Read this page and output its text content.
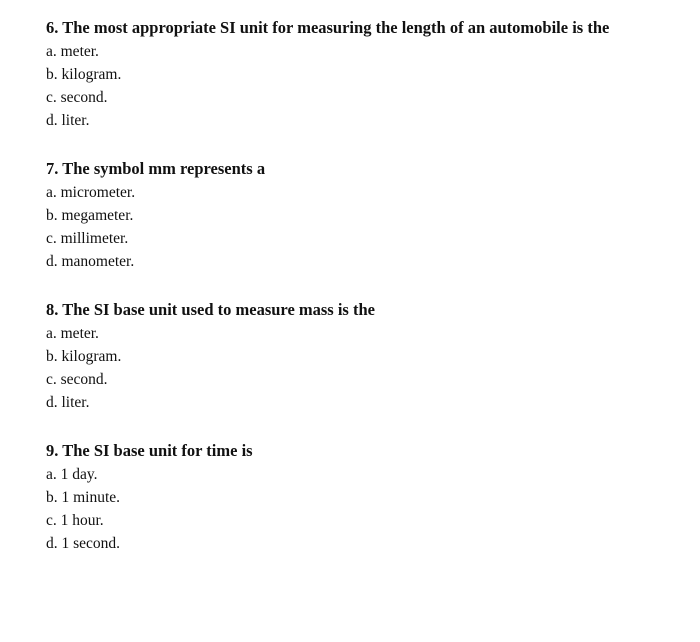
6. The most appropriate SI unit for measuring the length of an automobile is the

a. meter.
b. kilogram.
c. second.
d. liter.

7. The symbol mm represents a

a. micrometer.
b. megameter.
c. millimeter.
d. manometer.

8. The SI base unit used to measure mass is the

a. meter.
b. kilogram.
c. second.
d. liter.

9. The SI base unit for time is

a. 1 day.
b. 1 minute.
c. 1 hour.
d. 1 second.
